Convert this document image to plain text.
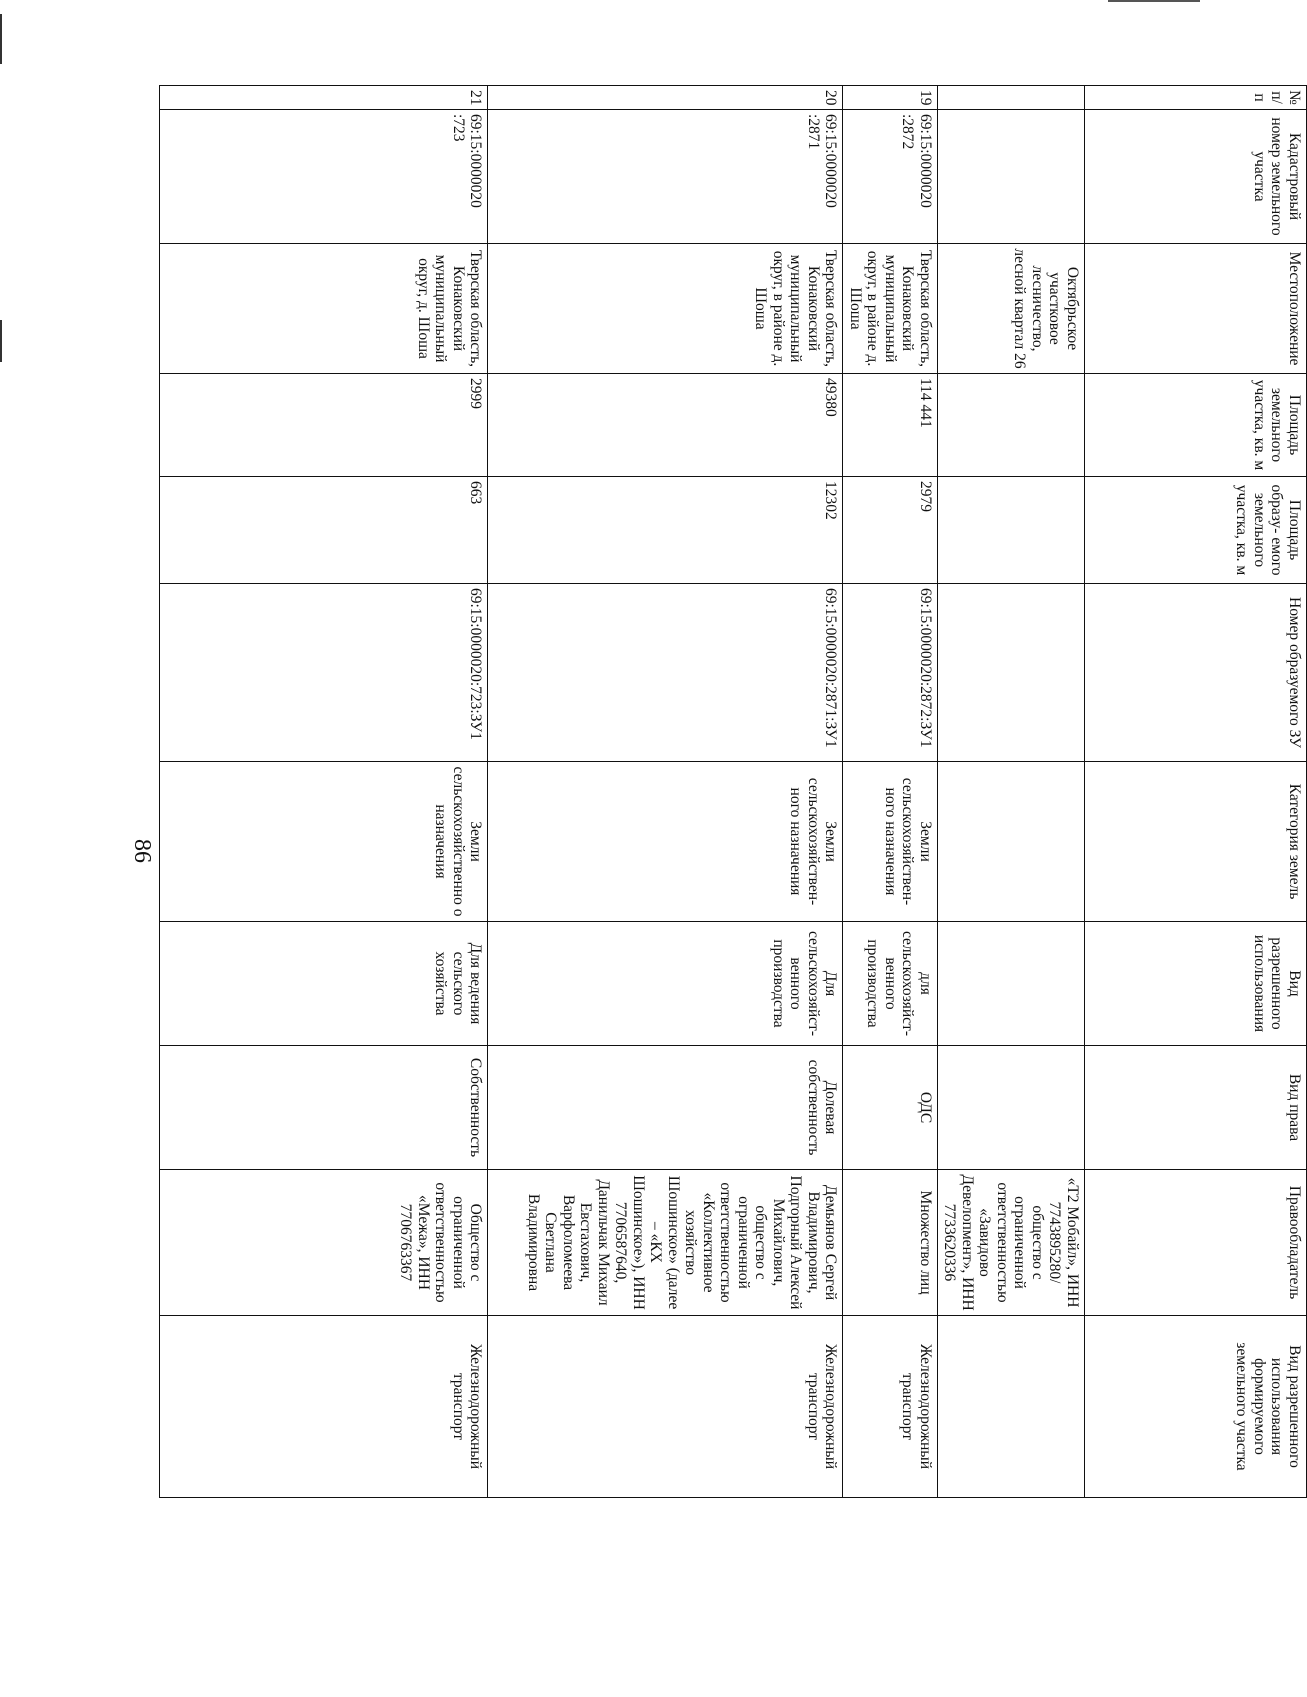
86
№ п/п	Кадастровый номер земельного участка	Местоположение	Площадь земельного участка, кв. м	Площадь образу- емого земельного участка, кв. м	Номер образуемого ЗУ	Категория земель	Вид разрешенного использования	Вид права	Правообладатель	Вид разрешенного использования формируемого земельного участка
		Октябрьское участковое лесничество, лесной квартал 26							«Т2 Мобайл», ИНН 7743895280/ общество с ограниченной ответственностью «Завидово Девелопмент», ИНН 7733620336	
19	69:15:0000020 :2872	Тверская область, Конаковский муниципальный округ, в районе д. Шоша	114 441	2979	69:15:0000020:2872:ЗУ1	Земли сельскохозяйствен- ного назначения	для сельскохозяйст- венного производства	ОДС	Множество лиц	Железнодорожный транспорт
20	69:15:0000020 :2871	Тверская область, Конаковский муниципальный округ, в районе д. Шоша	49380	12302	69:15:0000020:2871:ЗУ1	Земли сельскохозяйствен- ного назначения	Для сельскохозяйст- венного производства	Долевая собственность	Демьянов Сергей Владимирович, Подгорный Алексей Михайлович, общество с ограниченной ответственностью «Коллективное хозяйство Шошинское» (далее – «КХ Шошинское»), ИНН 7706587640, Данильчак Михаил Евстахович, Варфоломеева Светлана Владимировна	Железнодорожный транспорт
21	69:15:0000020 :723	Тверская область, Конаковский муниципальный округ, д. Шоша	2999	663	69:15:0000020:723:ЗУ1	Земли сельскохозяйственно о назначения	Для ведения сельского хозяйства	Собственность	Общество с ограниченной ответственностью «Межа», ИНН 7706763367	Железнодорожный транспорт
